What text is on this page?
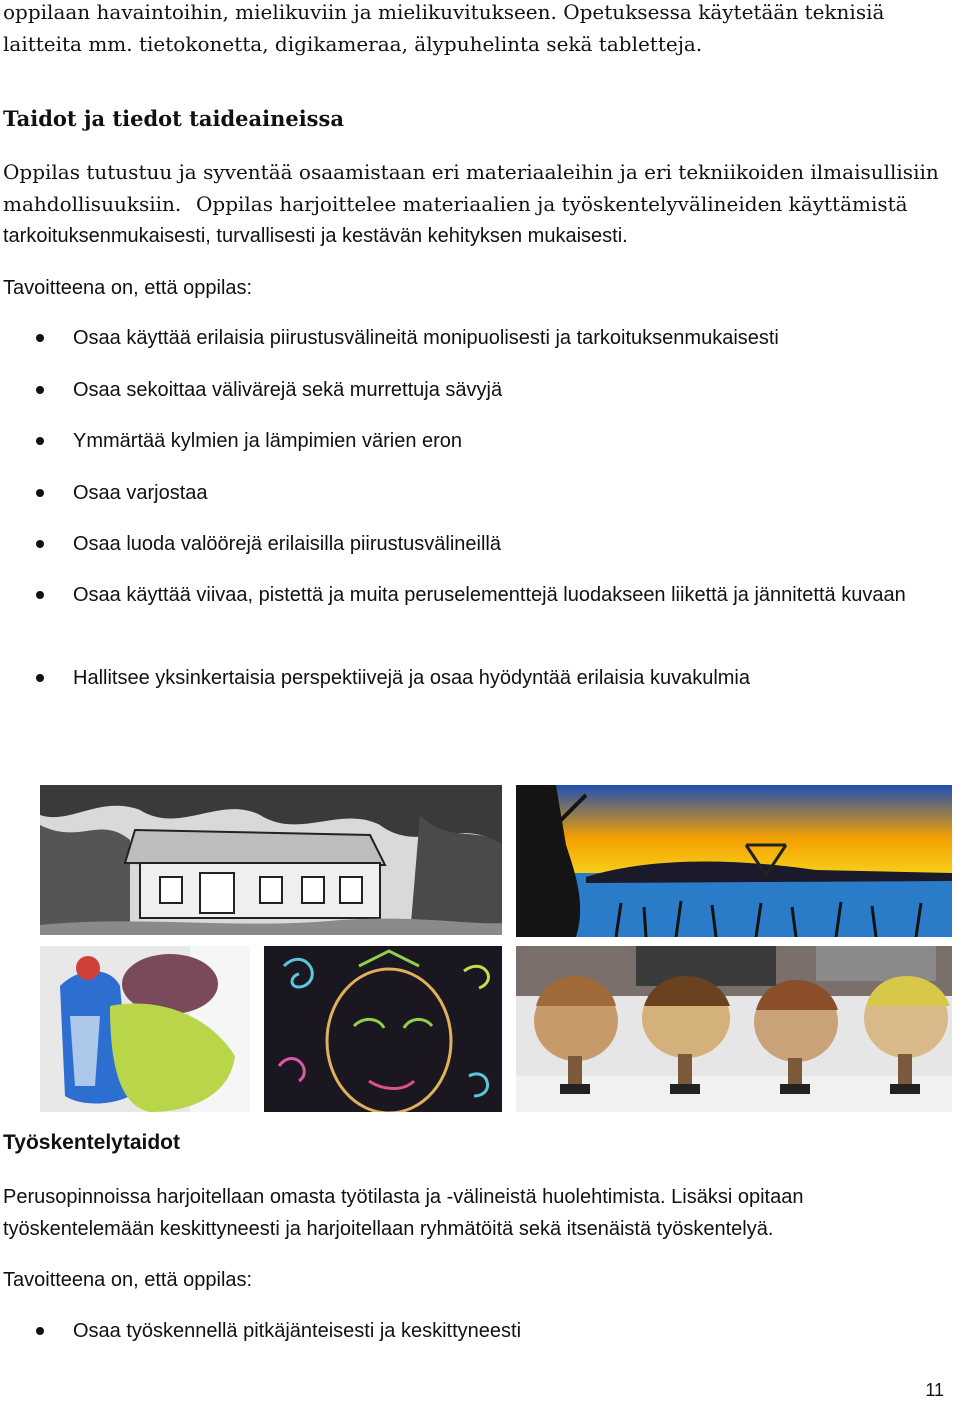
oppilaan havaintoihin, mielikuviin ja mielikuvitukseen. Opetuksessa käytetään teknisiä

laitteita mm. tietokonetta, digikameraa, älypuhelinta sekä tabletteja.

Taidot ja tiedot taideaineissa

Oppilas tutustuu ja syventää osaamistaan eri materiaaleihin ja eri tekniikoiden ilmaisullisiin mahdollisuuksiin. Oppilas harjoittelee materiaalien ja työskentelyvälineiden käyttämistä

tarkoituksenmukaisesti, turvallisesti ja kestävän kehityksen mukaisesti.

Tavoitteena on, että oppilas:

Osaa käyttää erilaisia piirustusvälineitä monipuolisesti ja tarkoituksenmukaisesti
Osaa sekoittaa välivärejä sekä murrettuja sävyjä
Ymmärtää kylmien ja lämpimien värien eron
Osaa varjostaa
Osaa luoda valöörejä erilaisilla piirustusvälineillä
Osaa käyttää viivaa, pistettä ja muita peruselementtejä luodakseen liikettä ja jännitettä kuvaan
Hallitsee yksinkertaisia perspektiivejä ja osaa hyödyntää erilaisia kuvakulmia

Työskentelytaidot

Perusopinnoissa harjoitellaan omasta työtilasta ja -välineistä huolehtimista. Lisäksi opitaan

työskentelemään keskittyneesti ja harjoitellaan ryhmätöitä sekä itsenäistä työskentelyä.

Tavoitteena on, että oppilas:

Osaa työskennellä pitkäjänteisesti ja keskittyneesti
11
